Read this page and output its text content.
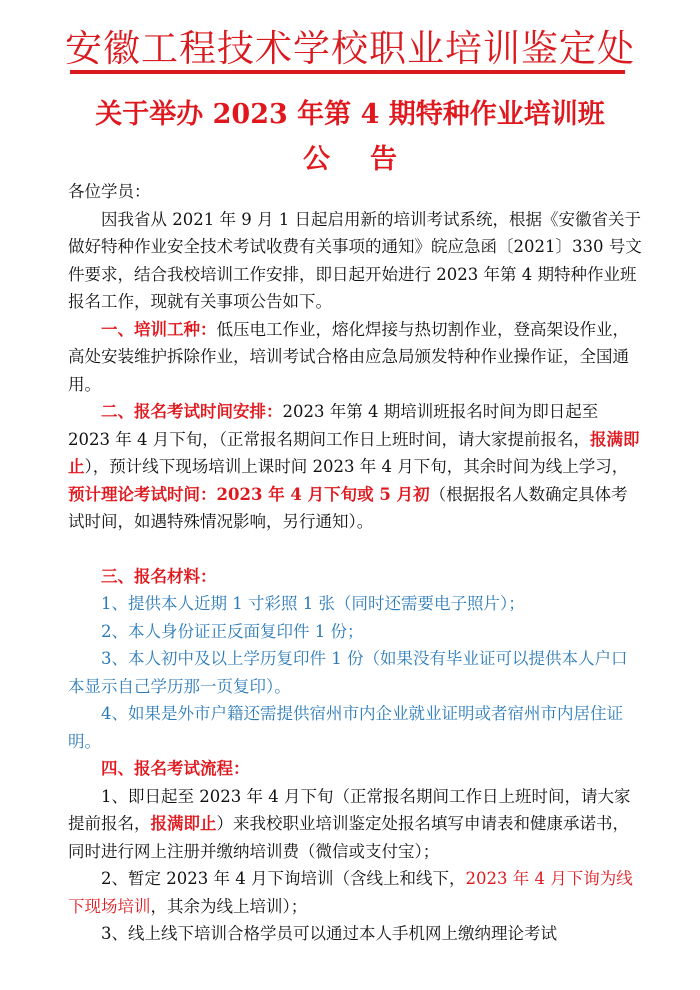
安徽工程技术学校职业培训鉴定处
关于举办 2023 年第 4 期特种作业培训班
公告

各位学员：

因我省从 2021 年 9 月 1 日起启用新的培训考试系统，根据《安徽省关于做好特种作业安全技术考试收费有关事项的通知》皖应急函〔2021〕330 号文件要求，结合我校培训工作安排，即日起开始进行 2023 年第 4 期特种作业班报名工作，现就有关事项公告如下。

一、培训工种：低压电工作业，熔化焊接与热切割作业，登高架设作业，高处安装维护拆除作业，培训考试合格由应急局颁发特种作业操作证，全国通用。

二、报名考试时间安排：2023 年第 4 期培训班报名时间为即日起至 2023 年 4 月下旬，（正常报名期间工作日上班时间，请大家提前报名，报满即止），预计线下现场培训上课时间 2023 年 4 月下旬，其余时间为线上学习，预计理论考试时间：2023 年 4 月下旬或 5 月初（根据报名人数确定具体考试时间，如遇特殊情况影响，另行通知）。

三、报名材料：

1、提供本人近期 1 寸彩照 1 张（同时还需要电子照片）；

2、本人身份证正反面复印件 1 份；

3、本人初中及以上学历复印件 1 份（如果没有毕业证可以提供本人户口本显示自己学历那一页复印）。

4、如果是外市户籍还需提供宿州市内企业就业证明或者宿州市内居住证明。

四、报名考试流程：

1、即日起至 2023 年 4 月下旬（正常报名期间工作日上班时间，请大家提前报名，报满即止）来我校职业培训鉴定处报名填写申请表和健康承诺书，同时进行网上注册并缴纳培训费（微信或支付宝）；

2、暂定 2023 年 4 月下询培训（含线上和线下，2023 年 4 月下询为线下现场培训，其余为线上培训）；

3、线上线下培训合格学员可以通过本人手机网上缴纳理论考试
